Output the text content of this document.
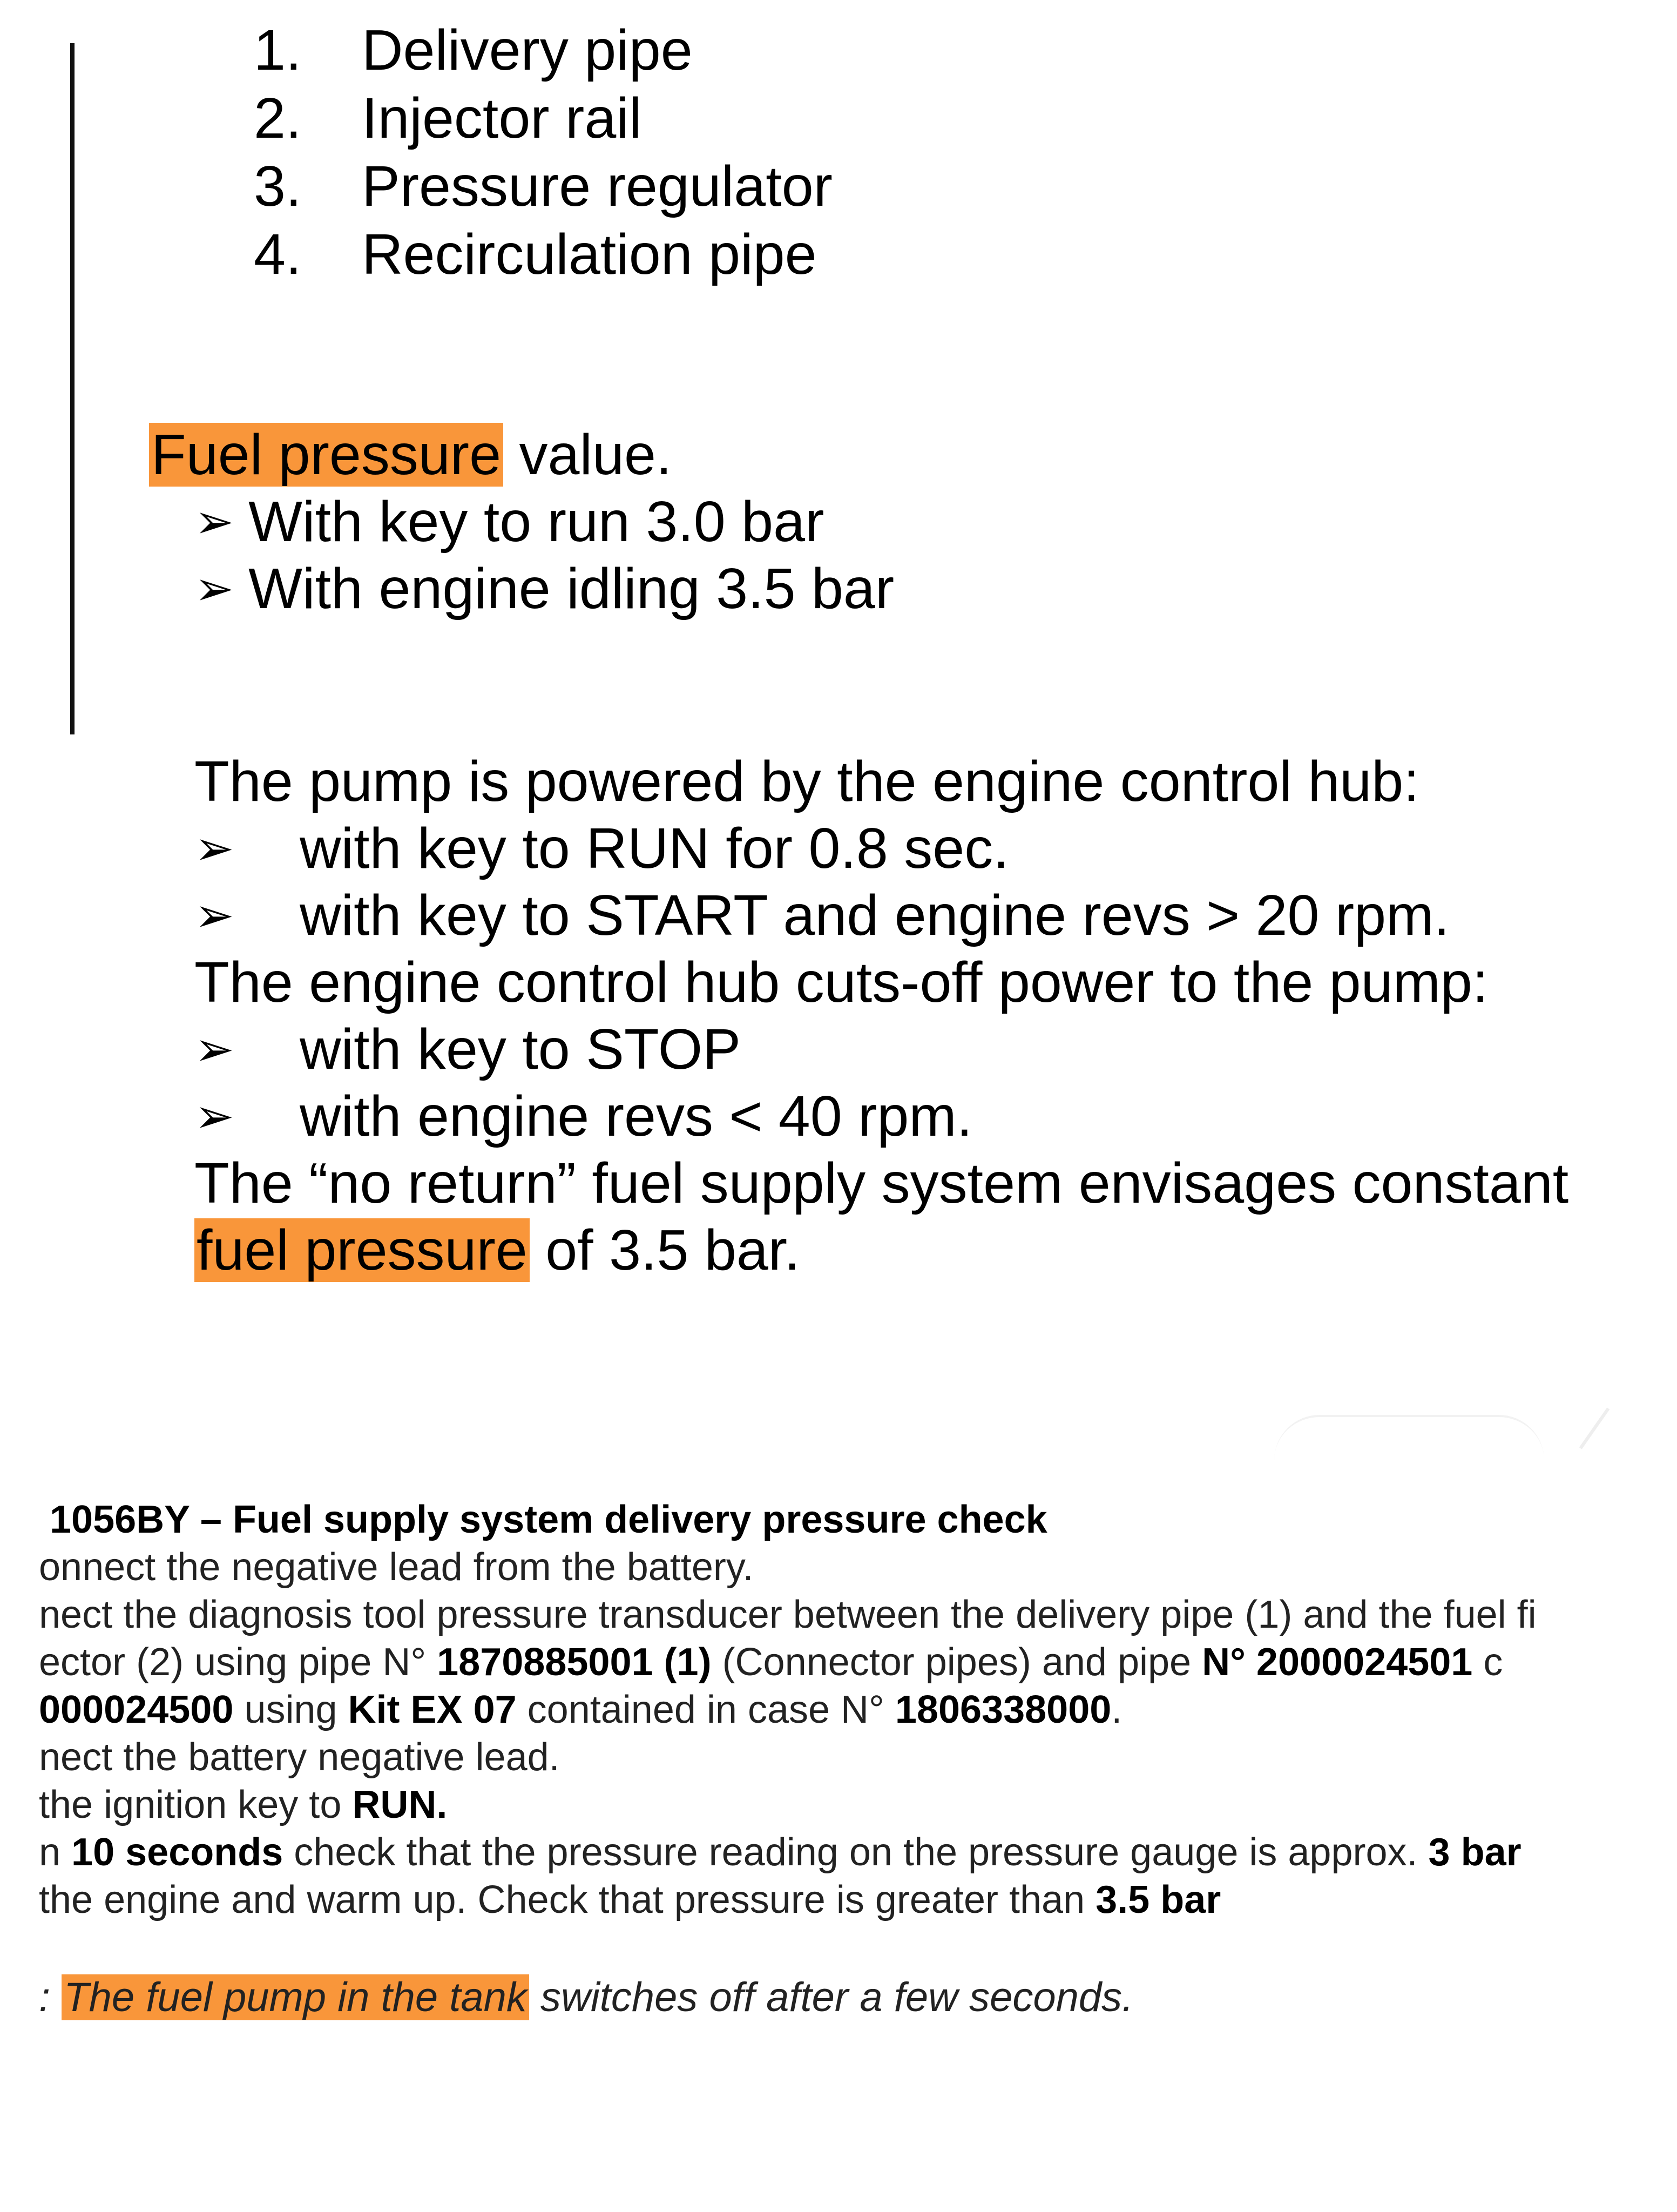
1.	Delivery pipe
2.	Injector rail
3.	Pressure regulator
4.	Recirculation pipe
Fuel pressure value.
➢ With key to run 3.0 bar
➢ With engine idling 3.5 bar
The pump is powered by the engine control hub:
➢	with key to RUN for 0.8 sec.
➢	with key to START and engine revs > 20 rpm.
The engine control hub cuts-off power to the pump:
➢	with key to STOP
➢	with engine revs < 40 rpm.
The “no return” fuel supply system envisages constant
fuel pressure of 3.5 bar.
1056BY – Fuel supply system delivery pressure check
onnect the negative lead from the battery.
nect the diagnosis tool pressure transducer between the delivery pipe (1) and the fuel fi
ector (2) using pipe N° 1870885001 (1) (Connector pipes) and pipe N° 2000024501 c
000024500 using Kit EX 07 contained in case N° 1806338000.
nect the battery negative lead.
the ignition key to RUN.
n 10 seconds check that the pressure reading on the pressure gauge is approx. 3 bar
the engine and warm up. Check that pressure is greater than 3.5 bar
: The fuel pump in the tank switches off after a few seconds.
